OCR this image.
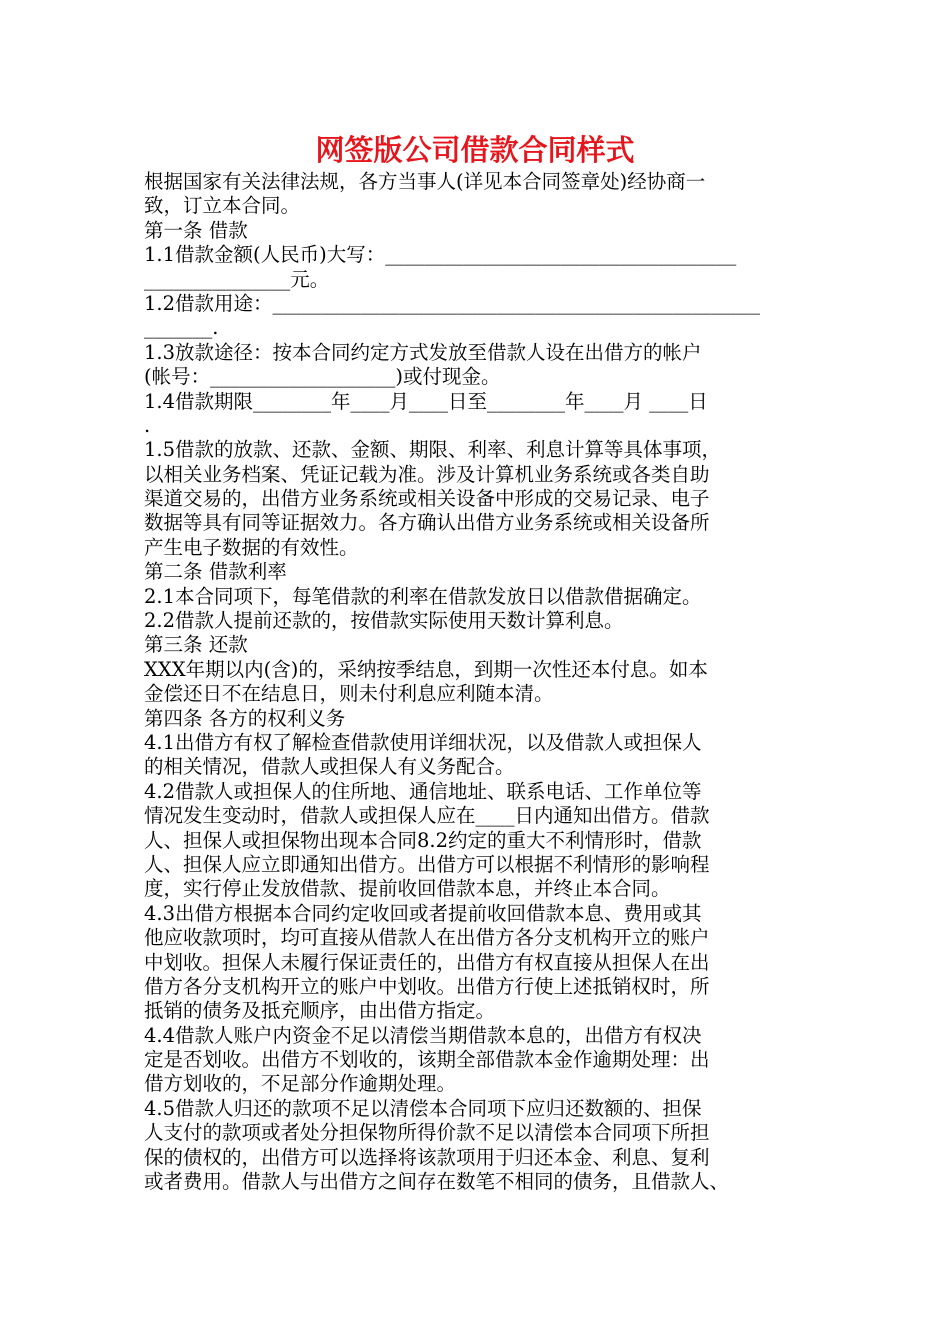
网签版公司借款合同样式
根据国家有关法律法规，各方当事人(详见本合同签章处)经协商一
致，订立本合同。
第一条 借款
1.1借款金额(人民币)大写：____________________________________
_______________元。
1.2借款用途：__________________________________________________
_______.
1.3放款途径：按本合同约定方式发放至借款人设在出借方的帐户
(帐号：___________________)或付现金。
1.4借款期限________年____月____日至________年____月 ____日
.
1.5借款的放款、还款、金额、期限、利率、利息计算等具体事项，
以相关业务档案、凭证记载为准。涉及计算机业务系统或各类自助
渠道交易的，出借方业务系统或相关设备中形成的交易记录、电子
数据等具有同等证据效力。各方确认出借方业务系统或相关设备所
产生电子数据的有效性。
第二条 借款利率
2.1本合同项下，每笔借款的利率在借款发放日以借款借据确定。
2.2借款人提前还款的，按借款实际使用天数计算利息。
第三条 还款
XXX年期以内(含)的，采纳按季结息，到期一次性还本付息。如本
金偿还日不在结息日，则未付利息应利随本清。
第四条 各方的权利义务
4.1出借方有权了解检查借款使用详细状况，以及借款人或担保人
的相关情况，借款人或担保人有义务配合。
4.2借款人或担保人的住所地、通信地址、联系电话、工作单位等
情况发生变动时，借款人或担保人应在____日内通知出借方。借款
人、担保人或担保物出现本合同8.2约定的重大不利情形时，借款
人、担保人应立即通知出借方。出借方可以根据不利情形的影响程
度，实行停止发放借款、提前收回借款本息，并终止本合同。
4.3出借方根据本合同约定收回或者提前收回借款本息、费用或其
他应收款项时，均可直接从借款人在出借方各分支机构开立的账户
中划收。担保人未履行保证责任的，出借方有权直接从担保人在出
借方各分支机构开立的账户中划收。出借方行使上述抵销权时，所
抵销的债务及抵充顺序，由出借方指定。
4.4借款人账户内资金不足以清偿当期借款本息的，出借方有权决
定是否划收。出借方不划收的，该期全部借款本金作逾期处理：出
借方划收的，不足部分作逾期处理。
4.5借款人归还的款项不足以清偿本合同项下应归还数额的、担保
人支付的款项或者处分担保物所得价款不足以清偿本合同项下所担
保的债权的，出借方可以选择将该款项用于归还本金、利息、复利
或者费用。借款人与出借方之间存在数笔不相同的债务，且借款人、
